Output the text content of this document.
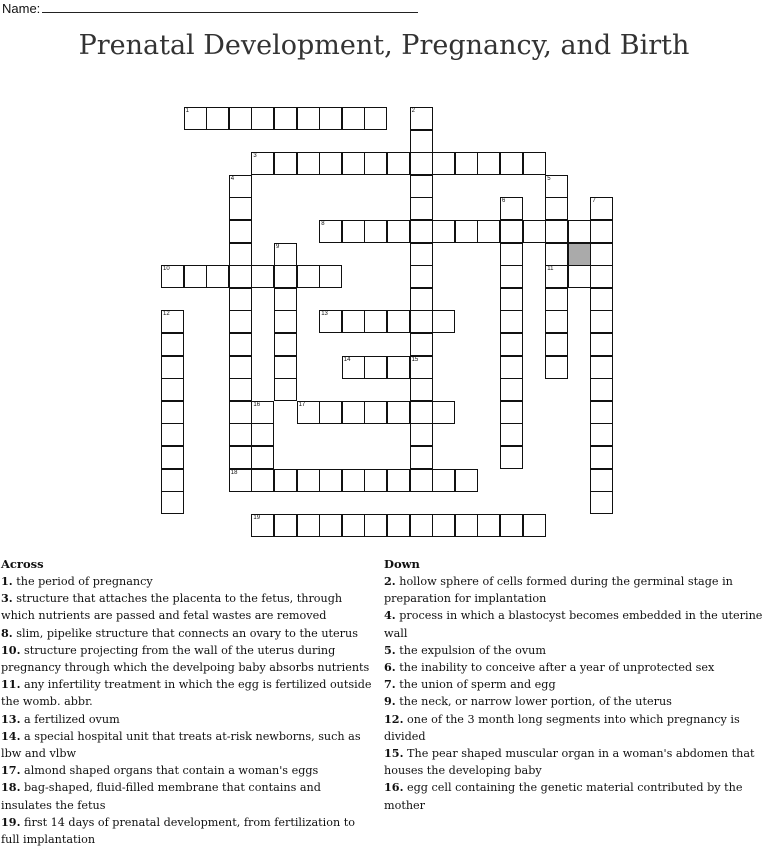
Name:
Prenatal Development, Pregnancy, and Birth
1	2
15
3
4	5
11
6	7
8
9
10
12	13
14
16	17
18
19
Across

1. the period of pregnancy

3. structure that attaches the placenta to the fetus, through which nutrients are passed and fetal wastes are removed

8. slim, pipelike structure that connects an ovary to the uterus

10. structure projecting from the wall of the uterus during pregnancy through which the develpoing baby absorbs nutrients

11. any infertility treatment in which the egg is fertilized outside the womb. abbr.

13. a fertilized ovum

14. a special hospital unit that treats at-risk newborns, such as lbw and vlbw

17. almond shaped organs that contain a woman's eggs

18. bag-shaped, fluid-filled membrane that contains and insulates the fetus

19. first 14 days of prenatal development, from fertilization to full implantation

Down

2. hollow sphere of cells formed during the germinal stage in preparation for implantation

4. process in which a blastocyst becomes embedded in the uterine wall

5. the expulsion of the ovum

6. the inability to conceive after a year of unprotected sex

7. the union of sperm and egg

9. the neck, or narrow lower portion, of the uterus

12. one of the 3 month long segments into which pregnancy is divided

15. The pear shaped muscular organ in a woman's abdomen that houses the developing baby

16. egg cell containing the genetic material contributed by the mother
